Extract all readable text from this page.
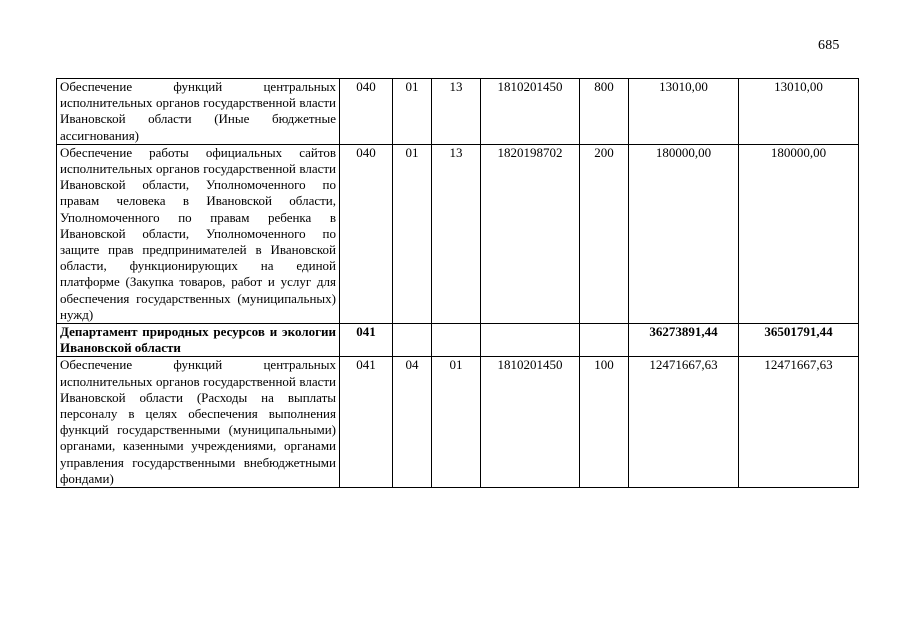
685
Обеспечение функций центральных исполнительных органов государственной власти Ивановской области (Иные бюджетные ассигнования)	040	01	13	1810201450	800	13010,00	13010,00
Обеспечение работы официальных сайтов исполнительных органов государственной власти Ивановской области, Уполномоченного по правам человека в Ивановской области, Уполномоченного по правам ребенка в Ивановской области, Уполномоченного по защите прав предпринимателей в Ивановской области, функционирующих на единой платформе (Закупка товаров, работ и услуг для обеспечения государственных (муниципальных) нужд)	040	01	13	1820198702	200	180000,00	180000,00
Департамент природных ресурсов и экологии Ивановской области	041					36273891,44	36501791,44
Обеспечение функций центральных исполнительных органов государственной власти Ивановской области (Расходы на выплаты персоналу в целях обеспечения выполнения функций государственными (муниципальными) органами, казенными учреждениями, органами управления государственными внебюджетными фондами)	041	04	01	1810201450	100	12471667,63	12471667,63
